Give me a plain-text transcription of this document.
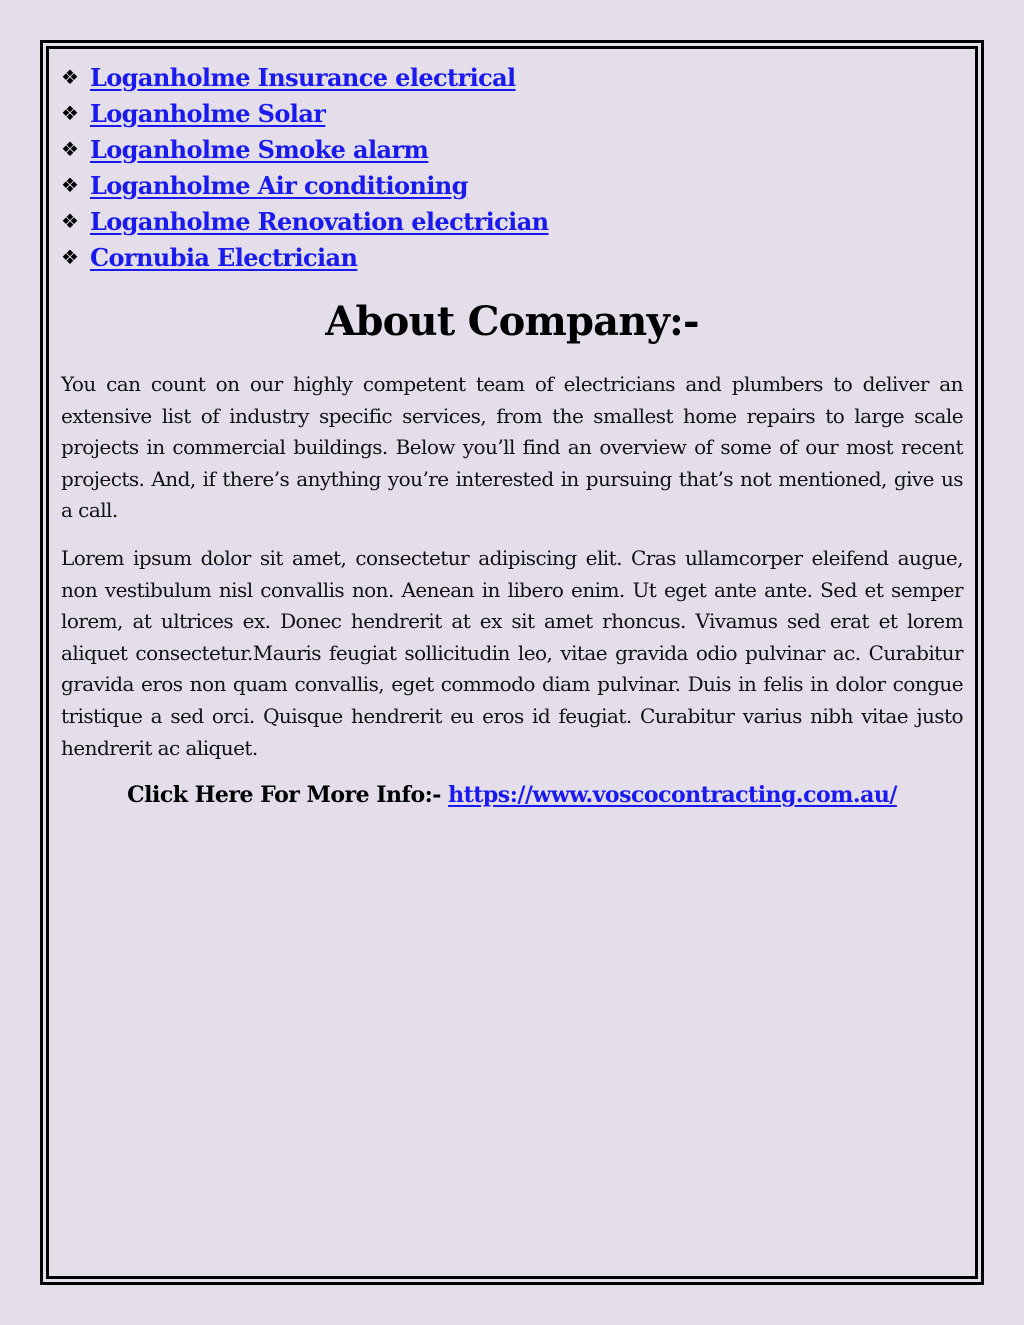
❖ Loganholme Insurance electrical
❖ Loganholme Solar
❖ Loganholme Smoke alarm
❖ Loganholme Air conditioning
❖ Loganholme Renovation electrician
❖ Cornubia Electrician
About Company:-

You can count on our highly competent team of electricians and plumbers to deliver an extensive list of industry specific services, from the smallest home repairs to large scale projects in commercial buildings. Below you’ll find an overview of some of our most recent projects. And, if there’s anything you’re interested in pursuing that’s not mentioned, give us a call.

Lorem ipsum dolor sit amet, consectetur adipiscing elit. Cras ullamcorper eleifend augue, non vestibulum nisl convallis non. Aenean in libero enim. Ut eget ante ante. Sed et semper lorem, at ultrices ex. Donec hendrerit at ex sit amet rhoncus. Vivamus sed erat et lorem aliquet consectetur.Mauris feugiat sollicitudin leo, vitae gravida odio pulvinar ac. Curabitur gravida eros non quam convallis, eget commodo diam pulvinar. Duis in felis in dolor congue tristique a sed orci. Quisque hendrerit eu eros id feugiat. Curabitur varius nibh vitae justo hendrerit ac aliquet.

Click Here For More Info:- https://www.voscocontracting.com.au/
